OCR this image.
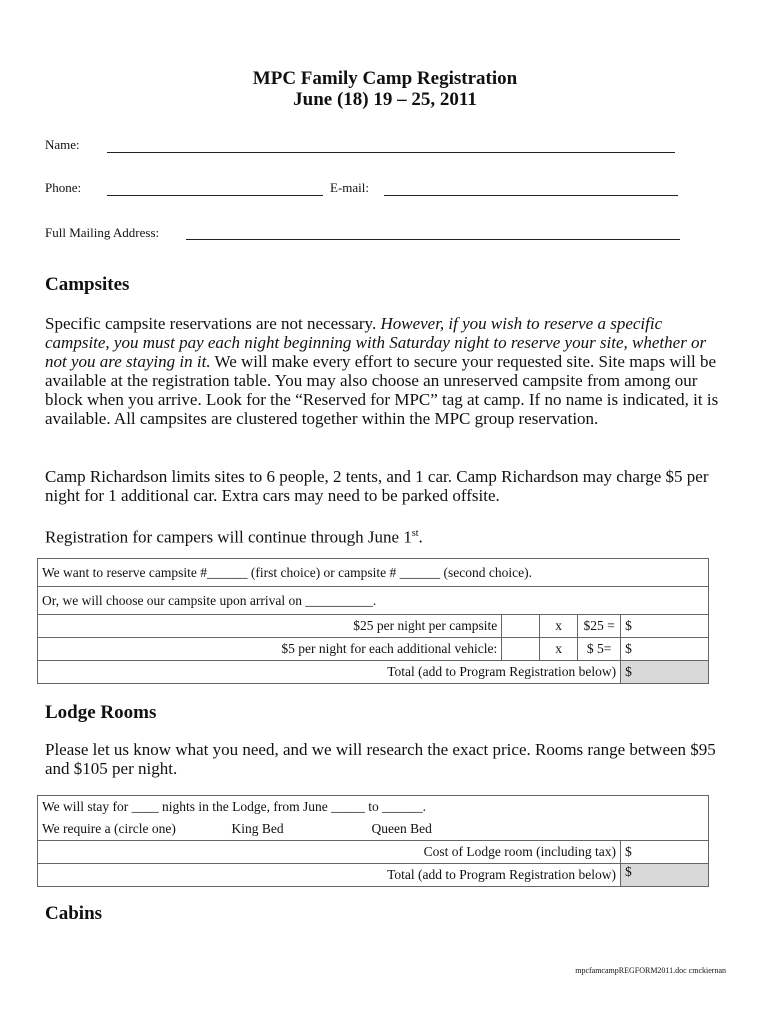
MPC Family Camp Registration
June (18) 19 – 25, 2011
Name:
Phone:	E-mail:
Full Mailing Address:
Campsites
Specific campsite reservations are not necessary. However, if you wish to reserve a specific campsite, you must pay each night beginning with Saturday night to reserve your site, whether or not you are staying in it. We will make every effort to secure your requested site. Site maps will be available at the registration table. You may also choose an unreserved campsite from among our block when you arrive. Look for the “Reserved for MPC” tag at camp. If no name is indicated, it is available. All campsites are clustered together within the MPC group reservation.
Camp Richardson limits sites to 6 people, 2 tents, and 1 car. Camp Richardson may charge $5 per night for 1 additional car. Extra cars may need to be parked offsite.
Registration for campers will continue through June 1st.
We want to reserve campsite #______ (first choice) or campsite # ______ (second choice).				
Or, we will choose our campsite upon arrival on __________.				
$25 per night per campsite		x	$25 =	$
$5 per night for each additional vehicle:		x	$ 5=	$
Total (add to Program Registration below)				$
Lodge Rooms
Please let us know what you need, and we will research the exact price. Rooms range between $95 and $105 per night.
We will stay for ____ nights in the Lodge, from June _____ to ______.			
We require a (circle one)	King Bed	Queen Bed	
Cost of Lodge room (including tax)			$
Total (add to Program Registration below)			$
Cabins
mpcfamcampREGFORM2011.doc cmckiernan
